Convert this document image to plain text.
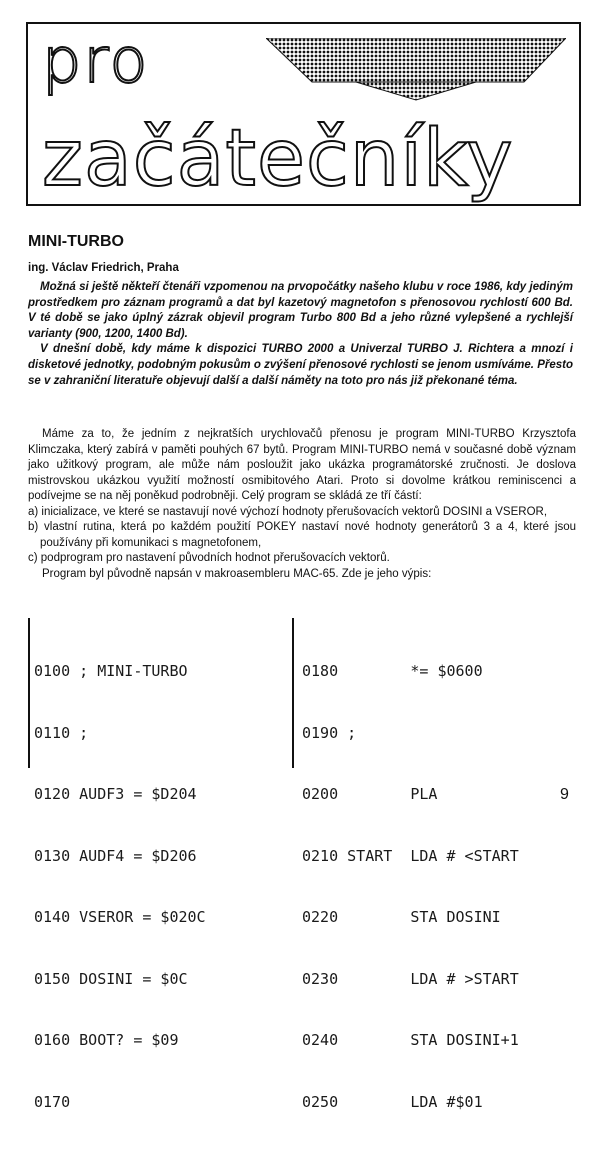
pro
začátečníky
MINI-TURBO
ing. Václav Friedrich, Praha

Možná si ještě někteří čtenáři vzpomenou na prvopočátky našeho klubu v roce 1986, kdy jediným prostředkem pro záznam programů a dat byl kazetový magnetofon s přenosovou rychlostí 600 Bd. V té době se jako úplný zázrak objevil program Turbo 800 Bd a jeho různé vylepšené a rychlejší varianty (900, 1200, 1400 Bd).

V dnešní době, kdy máme k dispozici TURBO 2000 a Univerzal TURBO J. Richtera a mnozí i disketové jednotky, podobným pokusům o zvýšení přenosové rychlosti se jenom usmíváme. Přesto se v zahraniční literatuře objevují další a další náměty na toto pro nás již překonané téma.

Máme za to, že jedním z nejkratších urychlovačů přenosu je program MINI-TURBO Krzysztofa Klimczaka, který zabírá v paměti pouhých 67 bytů. Program MINI-TURBO nemá v současné době význam jako užitkový program, ale může nám posloužit jako ukázka programátorské zručnosti. Je doslova mistrovskou ukázkou využití možností osmibitového Atari. Proto si dovolme krátkou reminiscenci a podívejme se na něj poněkud podrobněji. Celý program se skládá ze tří částí:

a) inicializace, ve které se nastavují nové výchozí hodnoty přerušovacích vektorů DOSINI a VSEROR,

b) vlastní rutina, která po každém použití POKEY nastaví nové hodnoty generátorů 3 a 4, které jsou používány při komunikaci s magnetofonem,

c) podprogram pro nastavení původních hodnot přerušovacích vektorů.

Program byl původně napsán v makroasembleru MAC-65. Zde je jeho výpis:

0100 ; MINI-TURBO

0110 ;

0120 AUDF3 = $D204

0130 AUDF4 = $D206

0140 VSEROR = $020C

0150 DOSINI = $0C

0160 BOOT? = $09

0170

0180        *= $0600

0190 ;

0200        PLA

0210 START  LDA # <START

0220        STA DOSINI

0230        LDA # >START

0240        STA DOSINI+1

0250        LDA #$01

9
